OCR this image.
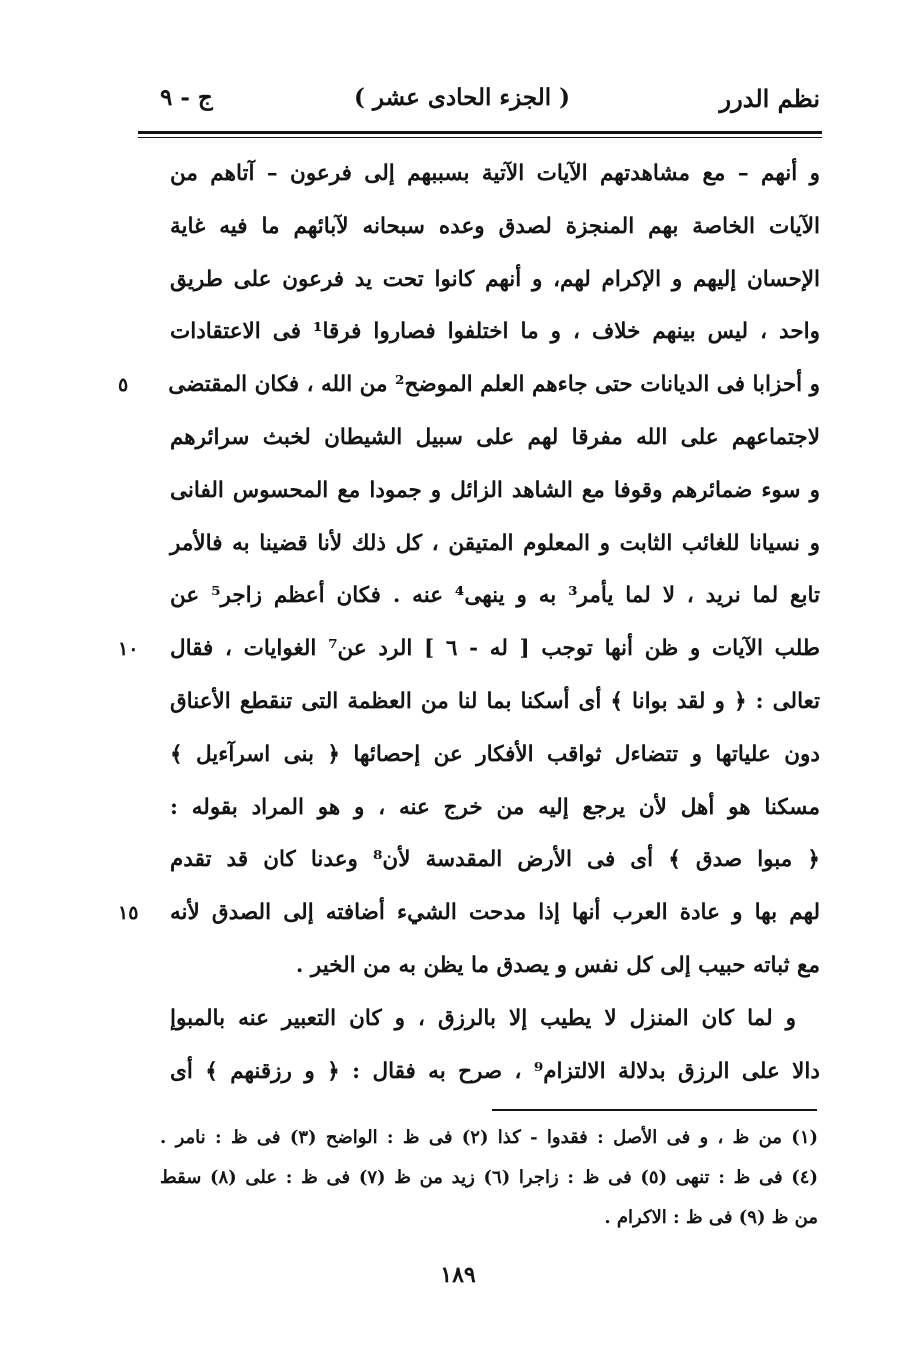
نظم الدرر
( الجزء الحادى عشر )
ج - ٩
و أنهم – مع مشاهدتهم الآيات الآتية بسببهم إلى فرعون – آتاهم من
الآيات الخاصة بهم المنجزة لصدق وعده سبحانه لآبائهم ما فيه غاية
الإحسان إليهم و الإكرام لهم، و أنهم كانوا تحت يد فرعون على طريق
واحد ، ليس بينهم خلاف ، و ما اختلفوا فصاروا فرقا¹ فى الاعتقادات
و أحزابا فى الديانات حتى جاءهم العلم الموضح² من الله ، فكان المقتضى
٥
لاجتماعهم على الله مفرقا لهم على سبيل الشيطان لخبث سرائرهم
و سوء ضمائرهم وقوفا مع الشاهد الزائل و جمودا مع المحسوس الفانى
و نسيانا للغائب الثابت و المعلوم المتيقن ، كل ذلك لأنا قضينا به فالأمر
تابع لما نريد ، لا لما يأمر³ به و ينهى⁴ عنه . فكان أعظم زاجر⁵ عن
طلب الآيات و ظن أنها توجب [ له - ٦ ] الرد عن⁷ الغوايات ، فقال
١٠
تعالى : ﴿ و لقد بوانا ﴾ أى أسكنا بما لنا من العظمة التى تنقطع الأعناق
دون علياتها و تتضاءل ثواقب الأفكار عن إحصائها ﴿ بنى اسرآءيل ﴾
مسكنا هو أهل لأن يرجع إليه من خرج عنه ، و هو المراد بقوله :
﴿ مبوا صدق ﴾ أى فى الأرض المقدسة لأن⁸ وعدنا كان قد تقدم
لهم بها و عادة العرب أنها إذا مدحت الشيء أضافته إلى الصدق لأنه
١٥
مع ثباته حبيب إلى كل نفس و يصدق ما يظن به من الخير .
و لما كان المنزل لا يطيب إلا بالرزق ، و كان التعبير عنه بالمبوإ
دالا على الرزق بدلالة الالتزام⁹ ، صرح به فقال : ﴿ و رزقنهم ﴾ أى
(١) من ظ ، و فى الأصل : فقدوا - كذا (٢) فى ظ : الواضح (٣) فى ظ : نامر .
(٤) فى ظ : تنهى (٥) فى ظ : زاجرا (٦) زيد من ظ (٧) فى ظ : على (٨) سقط
من ظ (٩) فى ظ : الاكرام .
١٨٩
